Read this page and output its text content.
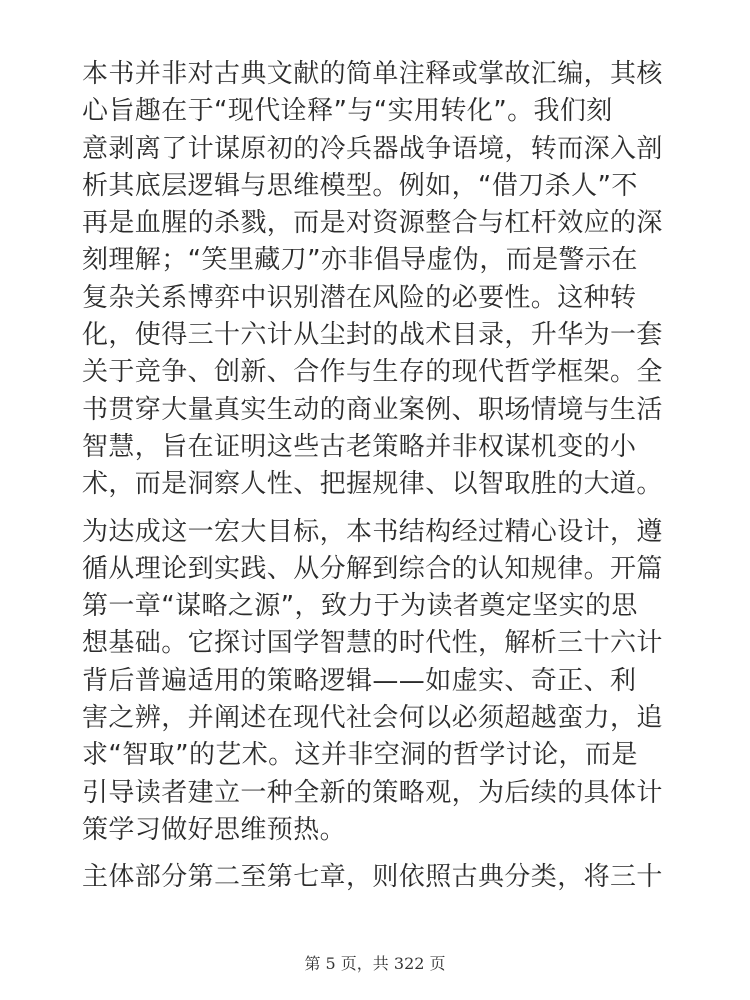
本书并非对古典文献的简单注释或掌故汇编，其核
心旨趣在于“现代诠释”与“实用转化”。我们刻
意剥离了计谋原初的冷兵器战争语境，转而深入剖
析其底层逻辑与思维模型。例如，“借刀杀人”不
再是血腥的杀戮，而是对资源整合与杠杆效应的深
刻理解；“笑里藏刀”亦非倡导虚伪，而是警示在
复杂关系博弈中识别潜在风险的必要性。这种转
化，使得三十六计从尘封的战术目录，升华为一套
关于竞争、创新、合作与生存的现代哲学框架。全
书贯穿大量真实生动的商业案例、职场情境与生活
智慧，旨在证明这些古老策略并非权谋机变的小
术，而是洞察人性、把握规律、以智取胜的大道。
为达成这一宏大目标，本书结构经过精心设计，遵
循从理论到实践、从分解到综合的认知规律。开篇
第一章“谋略之源”，致力于为读者奠定坚实的思
想基础。它探讨国学智慧的时代性，解析三十六计
背后普遍适用的策略逻辑——如虚实、奇正、利
害之辨，并阐述在现代社会何以必须超越蛮力，追
求“智取”的艺术。这并非空洞的哲学讨论，而是
引导读者建立一种全新的策略观，为后续的具体计
策学习做好思维预热。
主体部分第二至第七章，则依照古典分类，将三十
第 5 页，共 322 页
